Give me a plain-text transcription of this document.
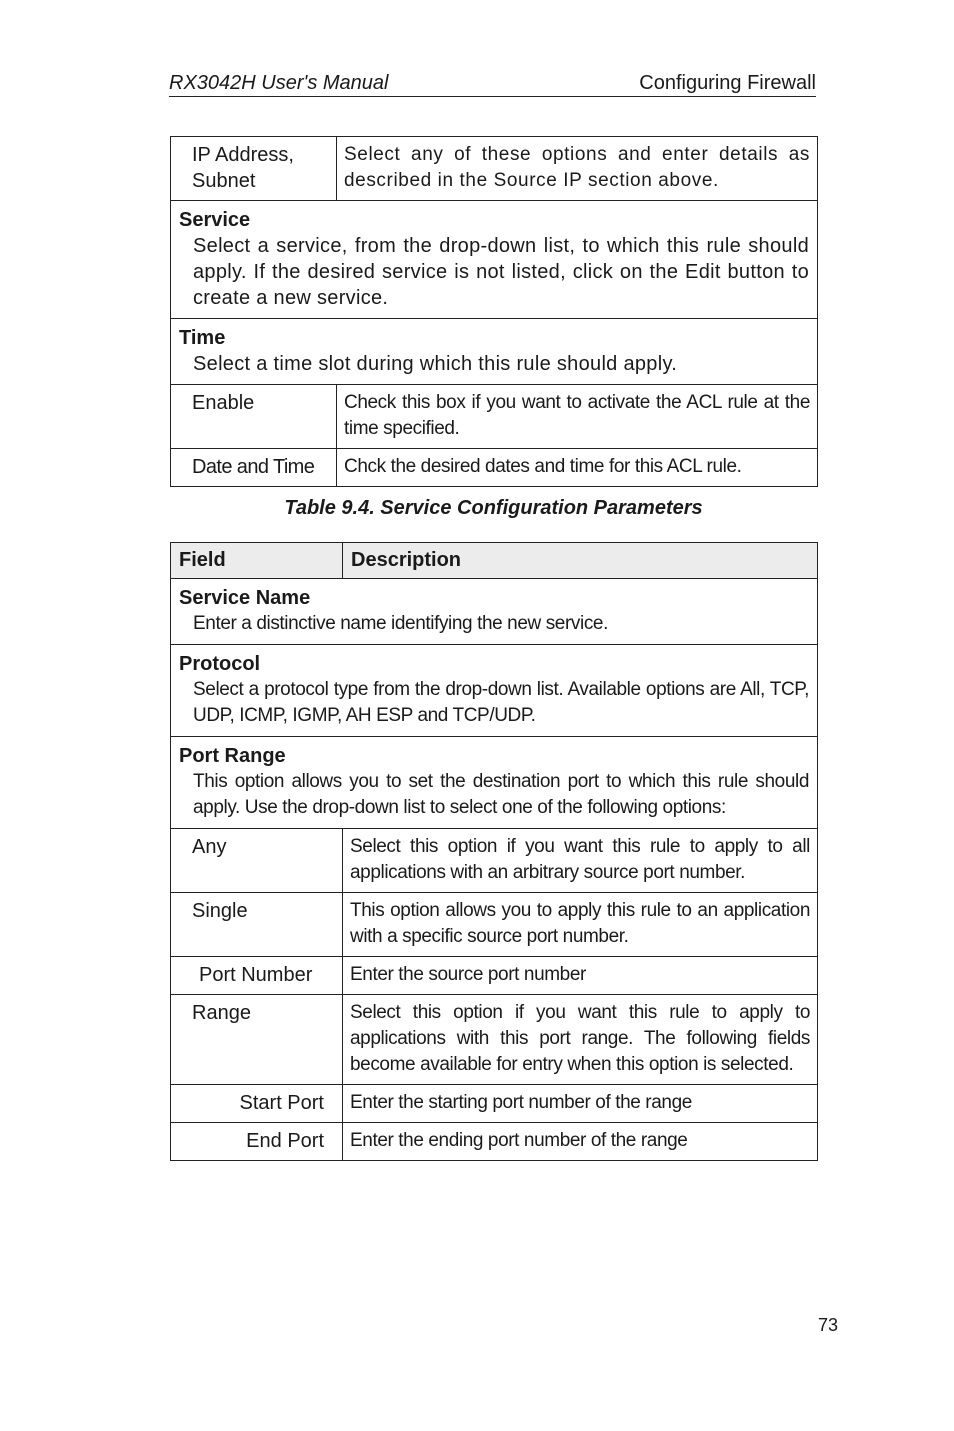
RX3042H User's Manual	Configuring Firewall
IP Address, Subnet	Select any of these options and enter details as described in the Source IP section above.

Service
Select a service, from the drop-down list, to which this rule should apply. If the desired service is not listed, click on the Edit button to create a new service.	

Time
Select a time slot during which this rule should apply.	

Enable	Check this box if you want to activate the ACL rule at the time specified.
Date and Time	Chck the desired dates and time for this ACL rule.
Table 9.4. Service Configuration Parameters
Field	Description

Service Name
Enter a distinctive name identifying the new service.	

Protocol
Select a protocol type from the drop-down list. Available options are All, TCP, UDP, ICMP, IGMP, AH ESP and TCP/UDP.	

Port Range
This option allows you to set the destination port to which this rule should apply. Use the drop-down list to select one of the following options:	

Any	Select this option if you want this rule to apply to all applications with an arbitrary source port number.
Single	This option allows you to apply this rule to an application with a specific source port number.
Port Number	Enter the source port number
Range	Select this option if you want this rule to apply to applications with this port range. The following fields become available for entry when this option is selected.
Start Port	Enter the starting port number of the range
End Port	Enter the ending port number of the range
73
